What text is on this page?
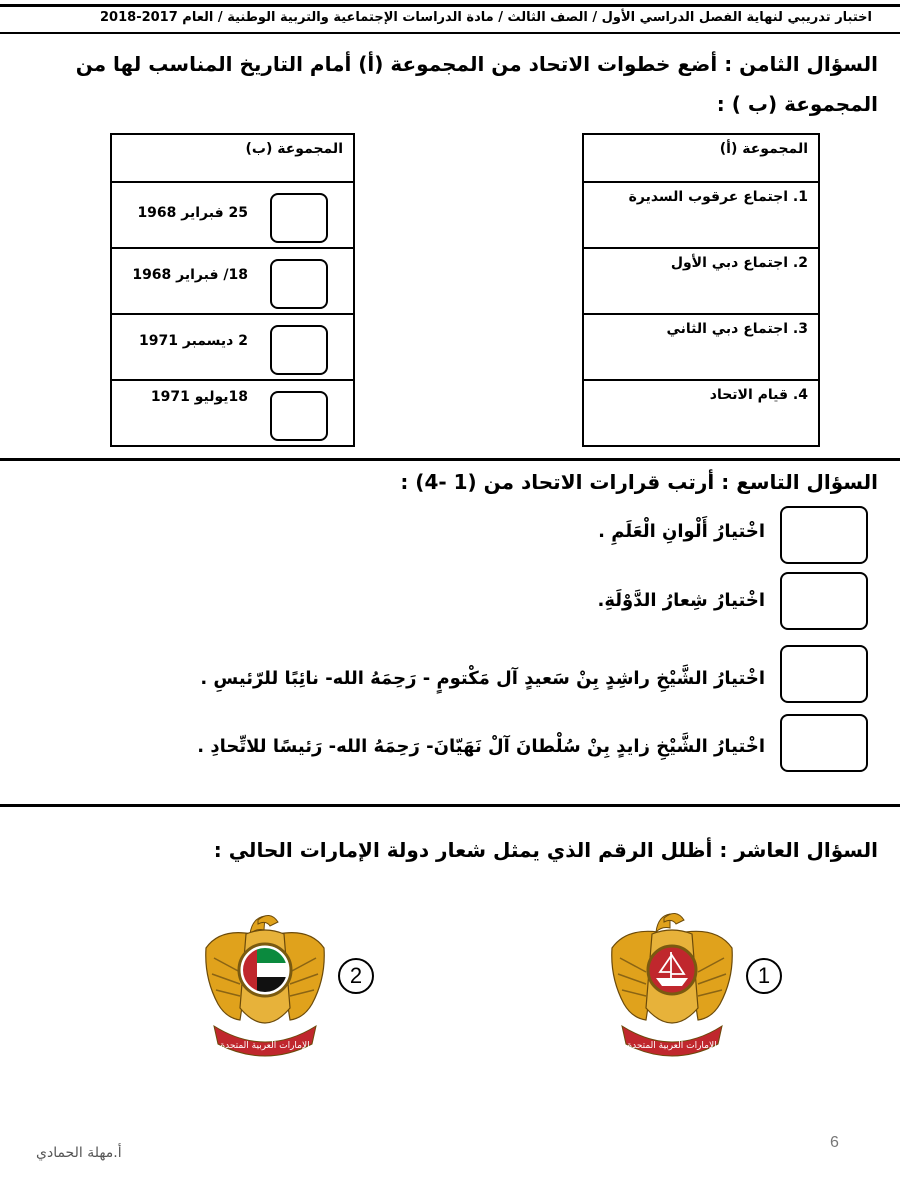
اختبار تدريبي لنهاية الفصل الدراسي الأول / الصف الثالث / مادة الدراسات الإجتماعية والتربية الوطنية / العام 2017-2018
السؤال الثامن : أضع خطوات الاتحاد من المجموعة (أ) أمام التاريخ المناسب لها من
المجموعة (ب ) :
المجموعة (أ)
1. اجتماع عرقوب السديرة
2. اجتماع دبي الأول
3. اجتماع دبي الثاني
4. قيام الاتحاد
المجموعة (ب)
25 فبراير 1968
18/ فبراير 1968
2 ديسمبر 1971
18يوليو 1971
السؤال التاسع : أرتب قرارات الاتحاد من (1 -4) :
اخْتيارُ أَلْوانِ الْعَلَمِ .
اخْتيارُ شِعارُ الدَّوْلَةِ.
اخْتيارُ الشَّيْخِ راشِدٍ بِنْ سَعيدٍ آل مَكْتومٍ - رَحِمَهُ الله- نائِبًا للرّئيسِ .
اخْتيارُ الشَّيْخِ زايدٍ بِنْ سُلْطانَ آلْ نَهَيّانَ- رَحِمَهُ الله- رَئيسًا للاتِّحادِ .
السؤال العاشر : أظلل الرقم الذي يمثل شعار دولة الإمارات الحالي :
الإمارات العربية المتحدة
2
الإمارات العربية المتحدة
1
أ.مهلة الحمادي
6
